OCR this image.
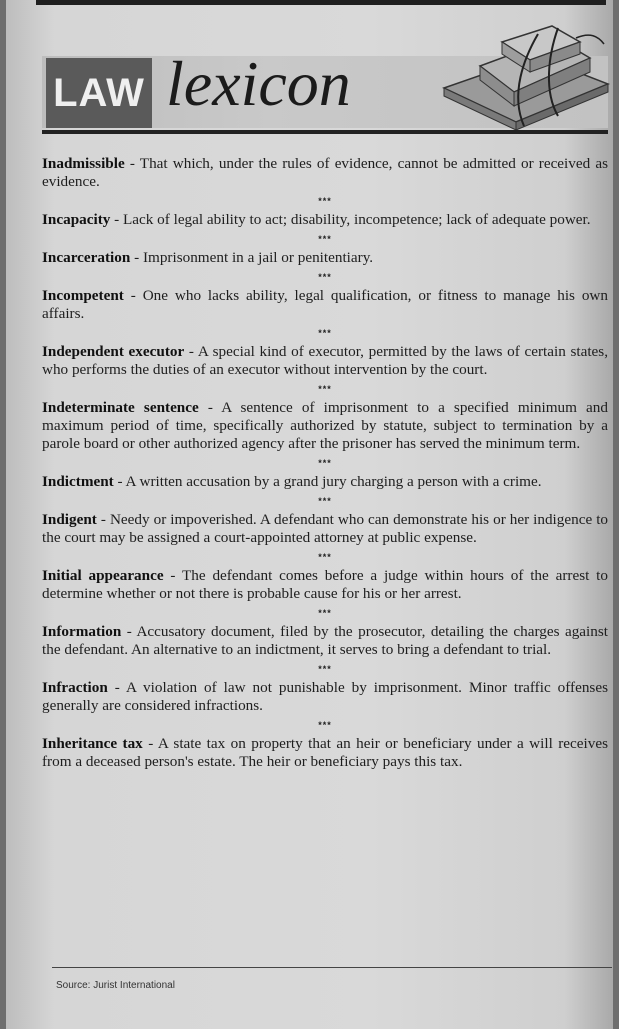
LAW lexicon

Inadmissible - That which, under the rules of evidence, cannot be admitted or received as evidence.

***

Incapacity - Lack of legal ability to act; disability, incompetence; lack of adequate power.

***

Incarceration - Imprisonment in a jail or penitentiary.

***

Incompetent - One who lacks ability, legal qualification, or fitness to manage his own affairs.

***

Independent executor - A special kind of executor, permitted by the laws of certain states, who performs the duties of an executor without intervention by the court.

***

Indeterminate sentence - A sentence of imprisonment to a specified minimum and maximum period of time, specifically authorized by statute, subject to termination by a parole board or other authorized agency after the prisoner has served the minimum term.

***

Indictment - A written accusation by a grand jury charging a person with a crime.

***

Indigent - Needy or impoverished. A defendant who can demonstrate his or her indigence to the court may be assigned a court-appointed attorney at public expense.

***

Initial appearance - The defendant comes before a judge within hours of the arrest to determine whether or not there is probable cause for his or her arrest.

***

Information - Accusatory document, filed by the prosecutor, detailing the charges against the defendant. An alternative to an indictment, it serves to bring a defendant to trial.

***

Infraction - A violation of law not punishable by imprisonment. Minor traffic offenses generally are considered infractions.

***

Inheritance tax - A state tax on property that an heir or beneficiary under a will receives from a deceased person's estate. The heir or beneficiary pays this tax.

Source: Jurist International
